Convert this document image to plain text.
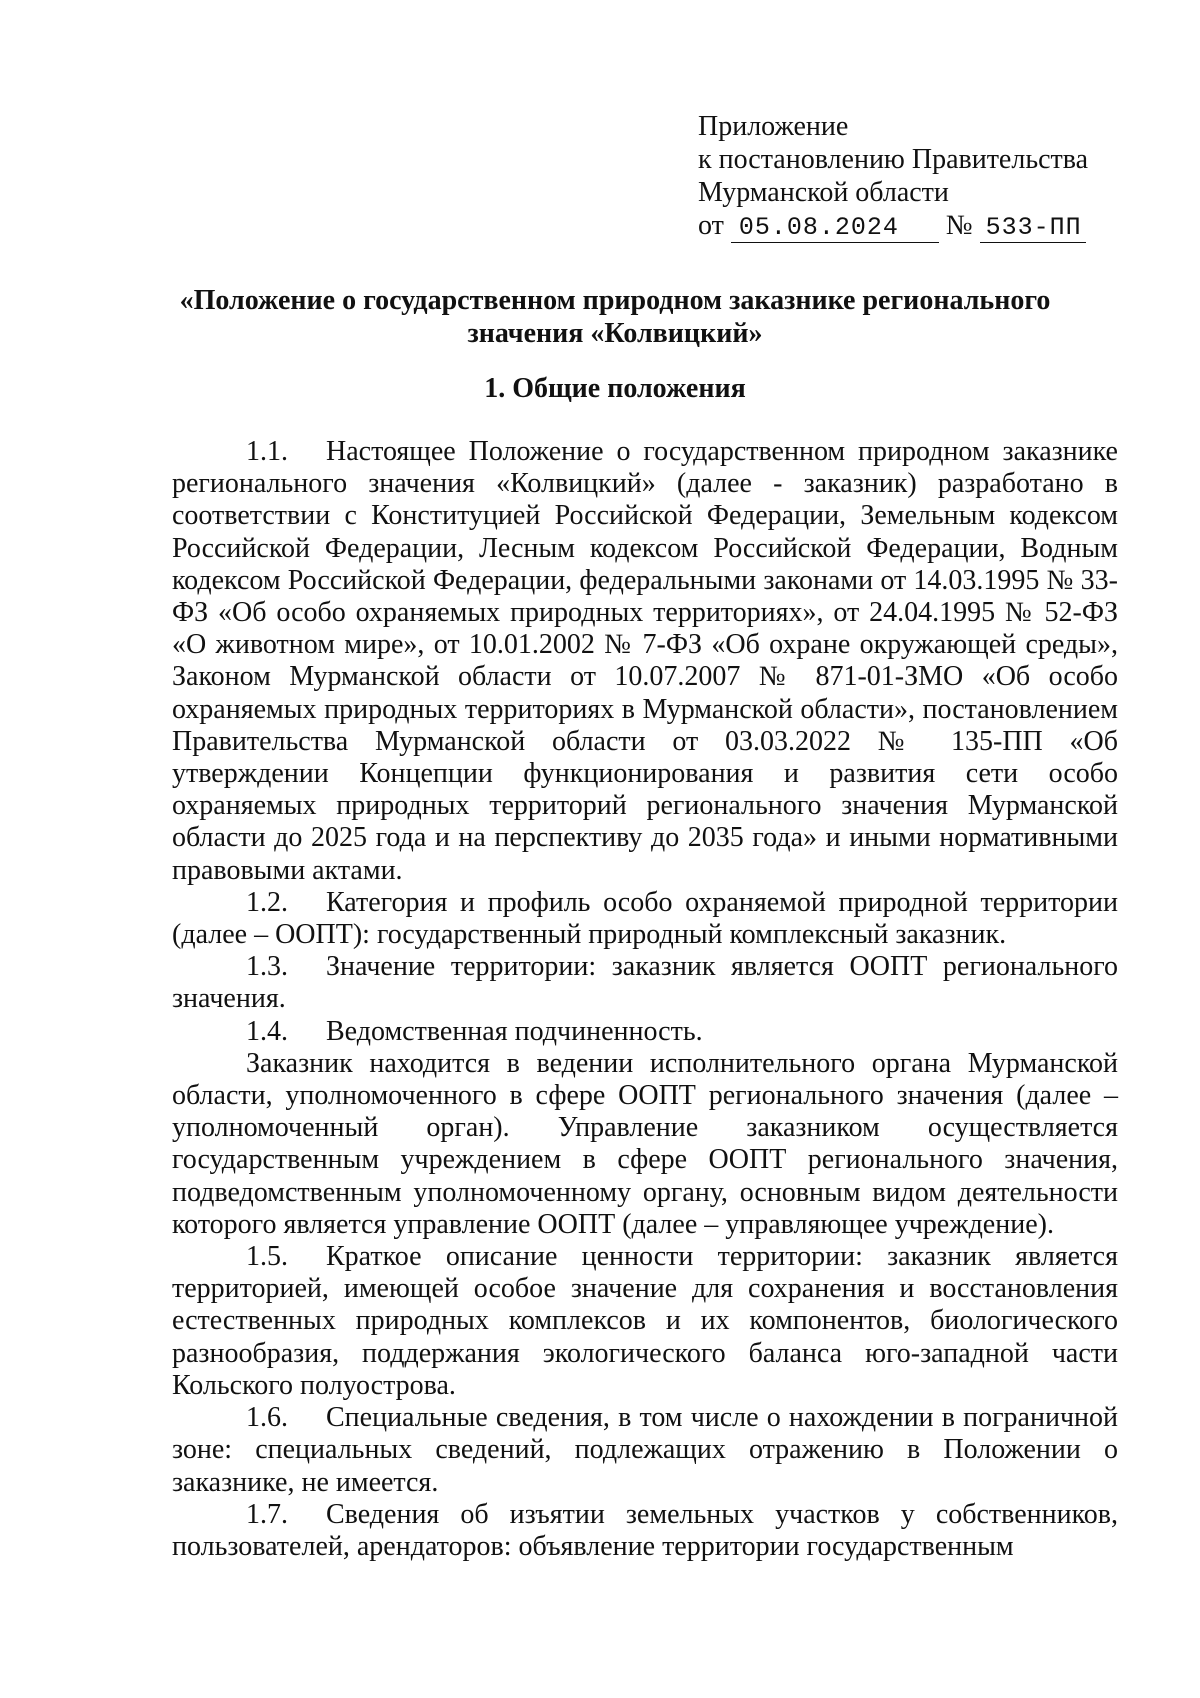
Приложение
к постановлению Правительства
Мурманской области
от 05.08.2024 № 533-ПП
«Положение о государственном природном заказнике регионального значения «Колвицкий»
1. Общие положения

1.1. Настоящее Положение о государственном природном заказнике регионального значения «Колвицкий» (далее - заказник) разработано в соответствии с Конституцией Российской Федерации, Земельным кодексом Российской Федерации, Лесным кодексом Российской Федерации, Водным кодексом Российской Федерации, федеральными законами от 14.03.1995 № 33-ФЗ «Об особо охраняемых природных территориях», от 24.04.1995 № 52-ФЗ «О животном мире», от 10.01.2002 № 7-ФЗ «Об охране окружающей среды», Законом Мурманской области от 10.07.2007 № 871-01-ЗМО «Об особо охраняемых природных территориях в Мурманской области», постановлением Правительства Мурманской области от 03.03.2022 № 135-ПП «Об утверждении Концепции функционирования и развития сети особо охраняемых природных территорий регионального значения Мурманской области до 2025 года и на перспективу до 2035 года» и иными нормативными правовыми актами.

1.2. Категория и профиль особо охраняемой природной территории (далее – ООПТ): государственный природный комплексный заказник.

1.3. Значение территории: заказник является ООПТ регионального значения.

1.4. Ведомственная подчиненность.

Заказник находится в ведении исполнительного органа Мурманской области, уполномоченного в сфере ООПТ регионального значения (далее – уполномоченный орган). Управление заказником осуществляется государственным учреждением в сфере ООПТ регионального значения, подведомственным уполномоченному органу, основным видом деятельности которого является управление ООПТ (далее – управляющее учреждение).

1.5. Краткое описание ценности территории: заказник является территорией, имеющей особое значение для сохранения и восстановления естественных природных комплексов и их компонентов, биологического разнообразия, поддержания экологического баланса юго-западной части Кольского полуострова.

1.6. Специальные сведения, в том числе о нахождении в пограничной зоне: специальных сведений, подлежащих отражению в Положении о заказнике, не имеется.

1.7. Сведения об изъятии земельных участков у собственников, пользователей, арендаторов: объявление территории государственным
